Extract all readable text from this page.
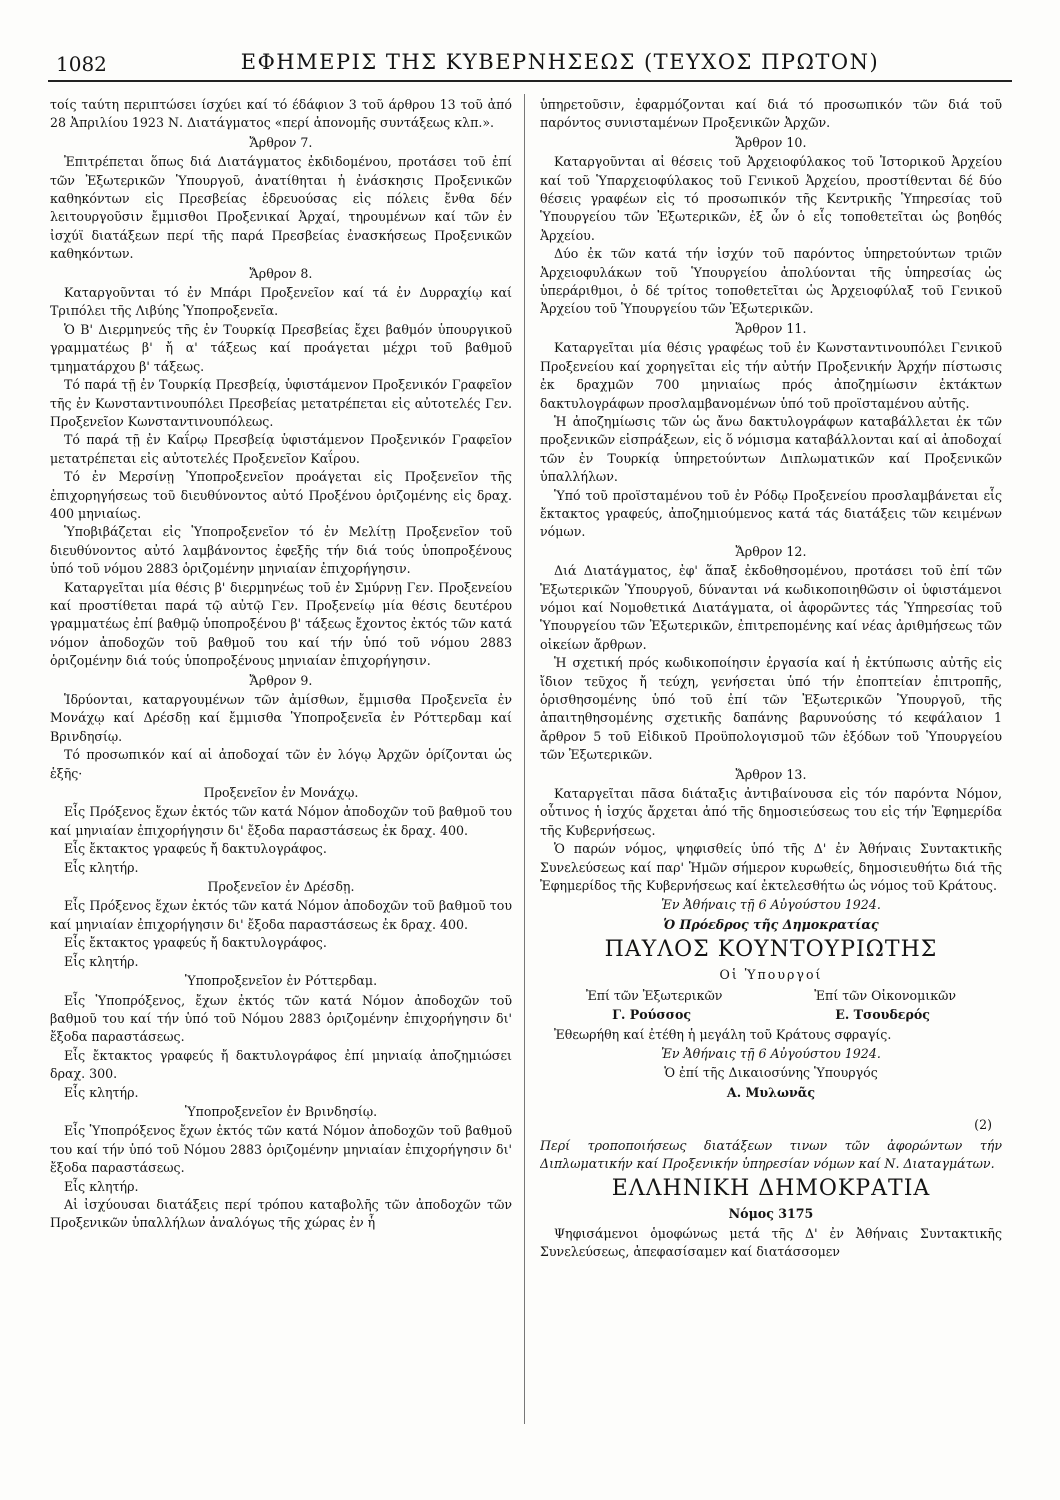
1082	ΕΦΗΜΕΡΙΣ ΤΗΣ ΚΥΒΕΡΝΗΣΕΩΣ (ΤΕΥΧΟΣ ΠΡΩΤΟΝ)

τοίς ταύτη περιπτώσει ίσχύει καί τό έδάφιον 3 τοῦ άρθρου 13 τοῦ ἀπό 28 Ἀπριλίου 1923 Ν. Διατάγματος «περί ἀπονομῆς συντάξεως κλπ.».

Ἄρθρον 7.

Ἐπιτρέπεται ὅπως διά Διατάγματος ἐκδιδομένου, προτάσει τοῦ ἐπί τῶν Ἐξωτερικῶν Ὑπουργοῦ, ἀνατίθηται ἡ ἐνάσκησις Προξενικῶν καθηκόντων εἰς Πρεσβείας ἑδρευούσας εἰς πόλεις ἔνθα δέν λειτουργοῦσιν ἔμμισθοι Προξενικαί Ἀρχαί, τηρουμένων καί τῶν ἐν ἰσχύϊ διατάξεων περί τῆς παρά Πρεσβείας ἐνασκήσεως Προξενικῶν καθηκόντων.

Ἄρθρον 8.

Καταργοῦνται τό ἐν Μπάρι Προξενεῖον καί τά ἐν Δυρραχίῳ καί Τριπόλει τῆς Λιβύης Ὑποπροξενεῖα.

Ὁ Β' Διερμηνεύς τῆς ἐν Τουρκίᾳ Πρεσβείας ἔχει βαθμόν ὑπουργικοῦ γραμματέως β' ἤ α' τάξεως καί προάγεται μέχρι τοῦ βαθμοῦ τμηματάρχου β' τάξεως.

Τό παρά τῇ ἐν Τουρκίᾳ Πρεσβείᾳ, ὑφιστάμενον Προξενικόν Γραφεῖον τῆς ἐν Κωνσταντινουπόλει Πρεσβείας μετατρέπεται εἰς αὐτοτελές Γεν. Προξενεῖον Κωνσταντινουπόλεως.

Τό παρά τῇ ἐν Καΐρῳ Πρεσβείᾳ ὑφιστάμενον Προξενικόν Γραφεῖον μετατρέπεται εἰς αὐτοτελές Προξενεῖον Καΐρου.

Τό ἐν Μερσίνῃ Ὑποπροξενεῖον προάγεται εἰς Προξενεῖον τῆς ἐπιχορηγήσεως τοῦ διευθύνοντος αὐτό Προξένου ὁριζομένης εἰς δραχ. 400 μηνιαίως.

Ὑποβιβάζεται εἰς Ὑποπροξενεῖον τό ἐν Μελίτῃ Προξενεῖον τοῦ διευθύνοντος αὐτό λαμβάνοντος ἐφεξῆς τήν διά τούς ὑποπροξένους ὑπό τοῦ νόμου 2883 ὁριζομένην μηνιαίαν ἐπιχορήγησιν.

Καταργεῖται μία θέσις β' διερμηνέως τοῦ ἐν Σμύρνῃ Γεν. Προξενείου καί προστίθεται παρά τῷ αὐτῷ Γεν. Προξενείῳ μία θέσις δευτέρου γραμματέως ἐπί βαθμῷ ὑποπροξένου β' τάξεως ἔχοντος ἐκτός τῶν κατά νόμον ἀποδοχῶν τοῦ βαθμοῦ του καί τήν ὑπό τοῦ νόμου 2883 ὁριζομένην διά τούς ὑποπροξένους μηνιαίαν ἐπιχορήγησιν.

Ἄρθρον 9.

Ἱδρύονται, καταργουμένων τῶν ἀμίσθων, ἔμμισθα Προξενεῖα ἐν Μονάχῳ καί Δρέσδῃ καί ἔμμισθα Ὑποπροξενεῖα ἐν Ρόττερδαμ καί Βρινδησίῳ.

Τό προσωπικόν καί αἱ ἀποδοχαί τῶν ἐν λόγῳ Ἀρχῶν ὁρίζονται ὡς ἑξῆς·

Προξενεῖον ἐν Μονάχῳ.

Εἷς Πρόξενος ἔχων ἐκτός τῶν κατά Νόμον ἀποδοχῶν τοῦ βαθμοῦ του καί μηνιαίαν ἐπιχορήγησιν δι' ἔξοδα παραστάσεως ἐκ δραχ. 400.

Εἷς ἔκτακτος γραφεύς ἤ δακτυλογράφος.

Εἷς κλητήρ.

Προξενεῖον ἐν Δρέσδῃ.

Εἷς Πρόξενος ἔχων ἐκτός τῶν κατά Νόμον ἀποδοχῶν τοῦ βαθμοῦ του καί μηνιαίαν ἐπιχορήγησιν δι' ἔξοδα παραστάσεως ἐκ δραχ. 400.

Εἷς ἔκτακτος γραφεύς ἤ δακτυλογράφος.

Εἷς κλητήρ.

Ὑποπροξενεῖον ἐν Ρόττερδαμ.

Εἷς Ὑποπρόξενος, ἔχων ἐκτός τῶν κατά Νόμον ἀποδοχῶν τοῦ βαθμοῦ του καί τήν ὑπό τοῦ Νόμου 2883 ὁριζομένην ἐπιχορήγησιν δι' ἔξοδα παραστάσεως.

Εἷς ἔκτακτος γραφεύς ἤ δακτυλογράφος ἐπί μηνιαίᾳ ἀποζημιώσει δραχ. 300.

Εἷς κλητήρ.

Ὑποπροξενεῖον ἐν Βρινδησίῳ.

Εἷς Ὑποπρόξενος ἔχων ἐκτός τῶν κατά Νόμον ἀποδοχῶν τοῦ βαθμοῦ του καί τήν ὑπό τοῦ Νόμου 2883 ὁριζομένην μηνιαίαν ἐπιχορήγησιν δι' ἔξοδα παραστάσεως.

Εἷς κλητήρ.

Αἱ ἰσχύουσαι διατάξεις περί τρόπου καταβολῆς τῶν ἀποδοχῶν τῶν Προξενικῶν ὑπαλλήλων ἀναλόγως τῆς χώρας ἐν ἧ

ὑπηρετοῦσιν, ἐφαρμόζονται καί διά τό προσωπικόν τῶν διά τοῦ παρόντος συνισταμένων Προξενικῶν Ἀρχῶν.

Ἄρθρον 10.

Καταργοῦνται αἱ θέσεις τοῦ Ἀρχειοφύλακος τοῦ Ἱστορικοῦ Ἀρχείου καί τοῦ Ὑπαρχειοφύλακος τοῦ Γενικοῦ Ἀρχείου, προστίθενται δέ δύο θέσεις γραφέων εἰς τό προσωπικόν τῆς Κεντρικῆς Ὑπηρεσίας τοῦ Ὑπουργείου τῶν Ἐξωτερικῶν, ἐξ ὧν ὁ εἷς τοποθετεῖται ὡς βοηθός Ἀρχείου.

Δύο ἐκ τῶν κατά τήν ἰσχύν τοῦ παρόντος ὑπηρετούντων τριῶν Ἀρχειοφυλάκων τοῦ Ὑπουργείου ἀπολύονται τῆς ὑπηρεσίας ὡς ὑπεράριθμοι, ὁ δέ τρίτος τοποθετεῖται ὡς Ἀρχειοφύλαξ τοῦ Γενικοῦ Ἀρχείου τοῦ Ὑπουργείου τῶν Ἐξωτερικῶν.

Ἄρθρον 11.

Καταργεῖται μία θέσις γραφέως τοῦ ἐν Κωνσταντινουπόλει Γενικοῦ Προξενείου καί χορηγεῖται εἰς τήν αὐτήν Προξενικήν Ἀρχήν πίστωσις ἐκ δραχμῶν 700 μηνιαίως πρός ἀποζημίωσιν ἐκτάκτων δακτυλογράφων προσλαμβανομένων ὑπό τοῦ προϊσταμένου αὐτῆς.

Ἡ ἀποζημίωσις τῶν ὡς ἄνω δακτυλογράφων καταβάλλεται ἐκ τῶν προξενικῶν εἰσπράξεων, εἰς ὅ νόμισμα καταβάλλονται καί αἱ ἀποδοχαί τῶν ἐν Τουρκίᾳ ὑπηρετούντων Διπλωματικῶν καί Προξενικῶν ὑπαλλήλων.

Ὑπό τοῦ προϊσταμένου τοῦ ἐν Ρόδῳ Προξενείου προσλαμβάνεται εἷς ἔκτακτος γραφεύς, ἀποζημιούμενος κατά τάς διατάξεις τῶν κειμένων νόμων.

Ἄρθρον 12.

Διά Διατάγματος, ἐφ' ἅπαξ ἐκδοθησομένου, προτάσει τοῦ ἐπί τῶν Ἐξωτερικῶν Ὑπουργοῦ, δύνανται νά κωδικοποιηθῶσιν οἱ ὑφιστάμενοι νόμοι καί Νομοθετικά Διατάγματα, οἱ ἀφορῶντες τάς Ὑπηρεσίας τοῦ Ὑπουργείου τῶν Ἐξωτερικῶν, ἐπιτρεπομένης καί νέας ἀριθμήσεως τῶν οἰκείων ἄρθρων.

Ἡ σχετική πρός κωδικοποίησιν ἐργασία καί ἡ ἐκτύπωσις αὐτῆς εἰς ἴδιον τεῦχος ἤ τεύχη, γενήσεται ὑπό τήν ἐποπτείαν ἐπιτροπῆς, ὁρισθησομένης ὑπό τοῦ ἐπί τῶν Ἐξωτερικῶν Ὑπουργοῦ, τῆς ἀπαιτηθησομένης σχετικῆς δαπάνης βαρυνούσης τό κεφάλαιον 1 ἄρθρον 5 τοῦ Εἰδικοῦ Προϋπολογισμοῦ τῶν ἐξόδων τοῦ Ὑπουργείου τῶν Ἐξωτερικῶν.

Ἄρθρον 13.

Καταργεῖται πᾶσα διάταξις ἀντιβαίνουσα εἰς τόν παρόντα Νόμον, οὗτινος ἡ ἰσχύς ἄρχεται ἀπό τῆς δημοσιεύσεως του εἰς τήν Ἐφημερίδα τῆς Κυβερνήσεως.

Ὁ παρών νόμος, ψηφισθείς ὑπό τῆς Δ' ἐν Ἀθήναις Συντακτικῆς Συνελεύσεως καί παρ' Ἡμῶν σήμερον κυρωθείς, δημοσιευθήτω διά τῆς Ἐφημερίδος τῆς Κυβερνήσεως καί ἐκτελεσθήτω ὡς νόμος τοῦ Κράτους.

Ἐν Ἀθήναις τῇ 6 Αὐγούστου 1924.

Ὁ Πρόεδρος τῆς Δημοκρατίας

ΠΑΥΛΟΣ ΚΟΥΝΤΟΥΡΙΩΤΗΣ

Οἱ Ὑπουργοί

Ἐπί τῶν Ἐξωτερικῶν	Ἐπί τῶν Οἰκονομικῶν
Γ. Ρούσσος	Ε. Τσουδερός

Ἐθεωρήθη καί ἐτέθη ἡ μεγάλη τοῦ Κράτους σφραγίς.

Ἐν Ἀθήναις τῇ 6 Αὐγούστου 1924.

Ὁ ἐπί τῆς Δικαιοσύνης Ὑπουργός

Α. Μυλωνᾶς

(2)

Περί τροποποιήσεως διατάξεων τινων τῶν ἀφορώντων τήν Διπλωματικήν καί Προξενικήν ὑπηρεσίαν νόμων καί Ν. Διαταγμάτων.

ΕΛΛΗΝΙΚΗ ΔΗΜΟΚΡΑΤΙΑ

Νόμος 3175

Ψηφισάμενοι ὁμοφώνως μετά τῆς Δ' ἐν Ἀθήναις Συντακτικῆς Συνελεύσεως, ἀπεφασίσαμεν καί διατάσσομεν
